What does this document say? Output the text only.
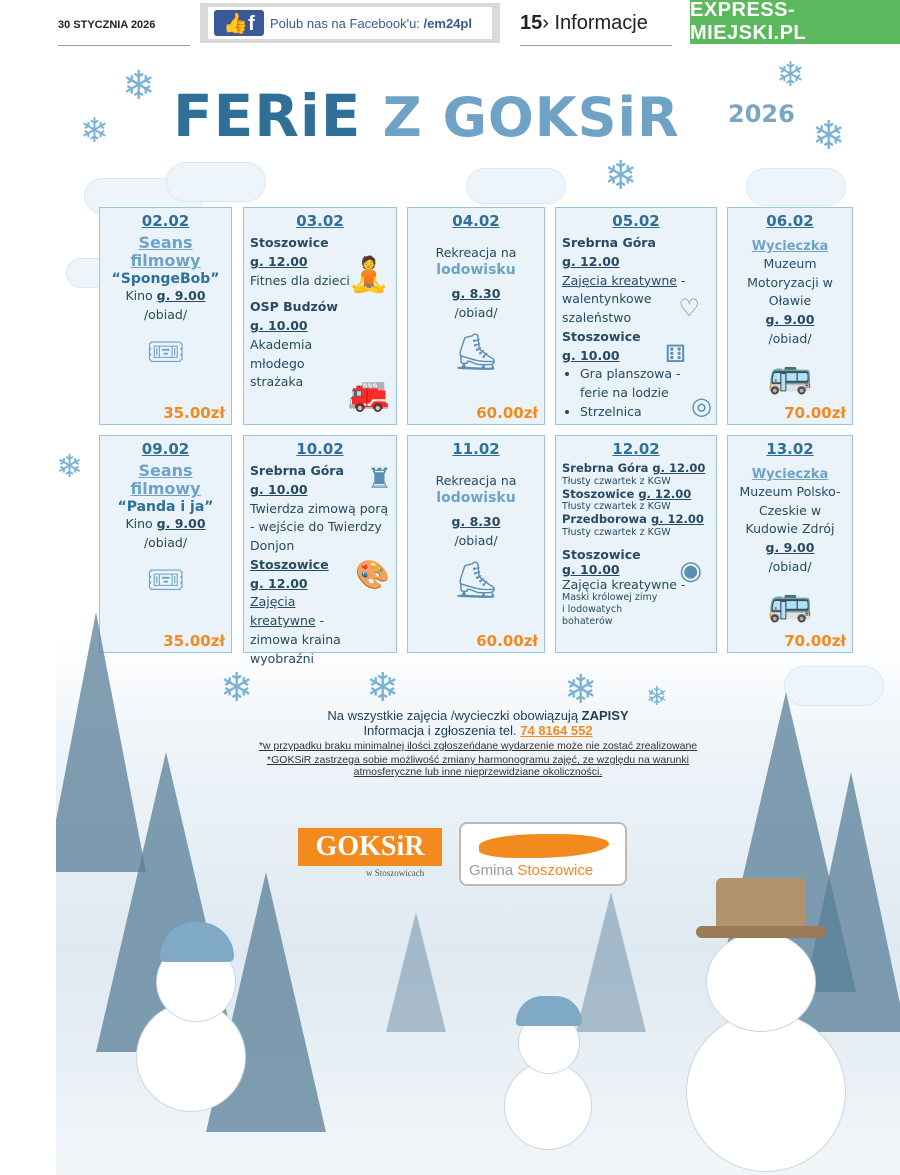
30 STYCZNIA 2026	👍f	Polub nas na Facebook'u: /em24pl 15› Informacje
EXPRESS-MIEJSKI.PL
❄
❄
❄
❄
❄
❄
❄	❄	❄ ❄
FERiE Z GOKSiR 2026
02.02
Seans filmowy
“SpongeBob”
Kino g. 9.00
/obiad/
🎟
35.00zł
03.02
Stoszowice
g. 12.00
Fitnes dla dzieci
OSP Budzów
g. 10.00
Akademia młodego strażaka
🧘
🚒
04.02
Rekreacja na
lodowisku
g. 8.30
/obiad/
⛸
60.00zł
05.02
Srebrna Góra
g. 12.00
Zajęcia kreatywne -
walentynkowe szaleństwo
Stoszowice
g. 10.00
• Gra planszowa - ferie na lodzie
• Strzelnica
♡
⚅
◎
06.02
Wycieczka
Muzeum Motoryzacji w Oławie
g. 9.00
/obiad/
🚌
70.00zł
09.02
Seans filmowy
“Panda i ja”
Kino g. 9.00
/obiad/
🎟
35.00zł
10.02
Srebrna Góra
g. 10.00
Twierdza zimową porą - wejście do Twierdzy Donjon
Stoszowice
g. 12.00
Zajęcia kreatywne - zimowa kraina wyobraźni
♜
🎨
11.02
Rekreacja na
lodowisku
g. 8.30
/obiad/
⛸
60.00zł
12.02
Srebrna Góra g. 12.00
Tłusty czwartek z KGW
Stoszowice g. 12.00
Tłusty czwartek z KGW
Przedborowa g. 12.00
Tłusty czwartek z KGW
Stoszowice
g. 10.00
Zajęcia kreatywne -
Maski królowej zimy i lodowatych bohaterów
◉
13.02
Wycieczka
Muzeum Polsko-Czeskie w Kudowie Zdrój
g. 9.00
/obiad/
🚌
70.00zł
Na wszystkie zajęcia /wycieczki obowiązują ZAPISY
Informacja i zgłoszenia tel. 74 8164 552
*w przypadku braku minimalnej ilości zgłoszeńdane wydarzenie może nie zostać zrealizowane
*GOKSiR zastrzega sobie możliwość zmiany harmonogramu zajęć, ze względu na warunki atmosferyczne lub inne nieprzewidziane okoliczności.
GOKSiR
w Stoszowicach	Gmina Stoszowice
